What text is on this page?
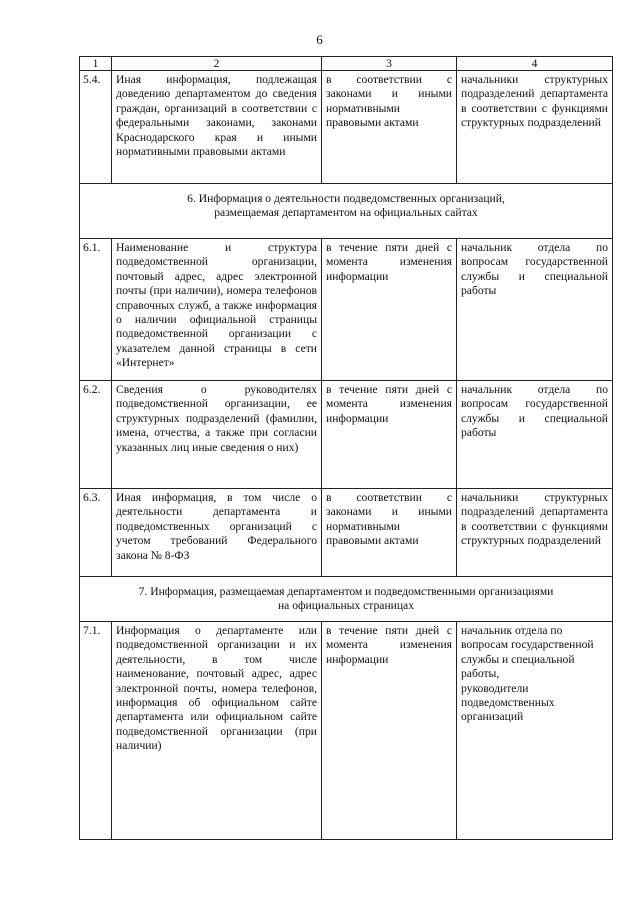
6
1	2	3	4
5.4.	Иная информация, подлежащая доведению департаментом до сведения граждан, организаций в соответствии с федеральными законами, законами Краснодарского края и иными нормативными правовыми актами	в соответствии с законами и иными нормативными правовыми актами	начальники структурных подразделений департамента в соответствии с функциями структурных подразделений

6. Информация о деятельности подведомственных организаций,
размещаемая департаментом на официальных сайтах			

6.1.	Наименование и структура подведомственной организации, почтовый адрес, адрес электронной почты (при наличии), номера телефонов справочных служб, а также информация о наличии официальной страницы подведомственной организации с указателем данной страницы в сети «Интернет»	в течение пяти дней с момента изменения информации	начальник отдела по вопросам государственной службы и специальной работы
6.2.	Сведения о руководителях подведомственной организации, ее структурных подразделений (фамилии, имена, отчества, а также при согласии указанных лиц иные сведения о них)	в течение пяти дней с момента изменения информации	начальник отдела по вопросам государственной службы и специальной работы
6.3.	Иная информация, в том числе о деятельности департамента и подведомственных организаций с учетом требований Федерального закона № 8-ФЗ	в соответствии с законами и иными нормативными правовыми актами	начальники структурных подразделений департамента в соответствии с функциями структурных подразделений

7. Информация, размещаемая департаментом и подведомственными организациями
на официальных страницах			

7.1.	Информация о департаменте или подведомственной организации и их деятельности, в том числе наименование, почтовый адрес, адрес электронной почты, номера телефонов, информация об официальном сайте департамента или официальном сайте подведомственной организации (при наличии)	в течение пяти дней с момента изменения информации	начальник отдела по вопросам государственной службы и специальной работы,
руководители подведомственных организаций
